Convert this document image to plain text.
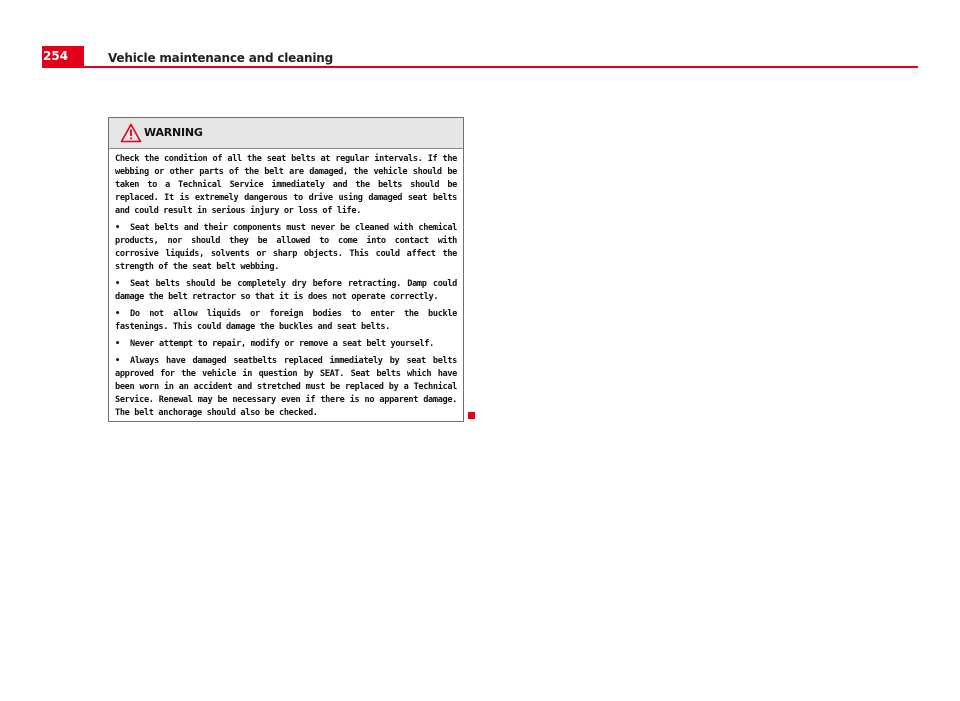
254	Vehicle maintenance and cleaning
WARNING

Check the condition of all the seat belts at regular intervals. If the webbing or other parts of the belt are damaged, the vehicle should be taken to a Technical Service immediately and the belts should be replaced. It is extremely dangerous to drive using damaged seat belts and could result in serious injury or loss of life.

• Seat belts and their components must never be cleaned with chemical products, nor should they be allowed to come into contact with corrosive liquids, solvents or sharp objects. This could affect the strength of the seat belt webbing.

• Seat belts should be completely dry before retracting. Damp could damage the belt retractor so that it is does not operate correctly.

• Do not allow liquids or foreign bodies to enter the buckle fastenings. This could damage the buckles and seat belts.

• Never attempt to repair, modify or remove a seat belt yourself.

• Always have damaged seatbelts replaced immediately by seat belts approved for the vehicle in question by SEAT. Seat belts which have been worn in an accident and stretched must be replaced by a Technical Service. Renewal may be necessary even if there is no apparent damage. The belt anchorage should also be checked.
